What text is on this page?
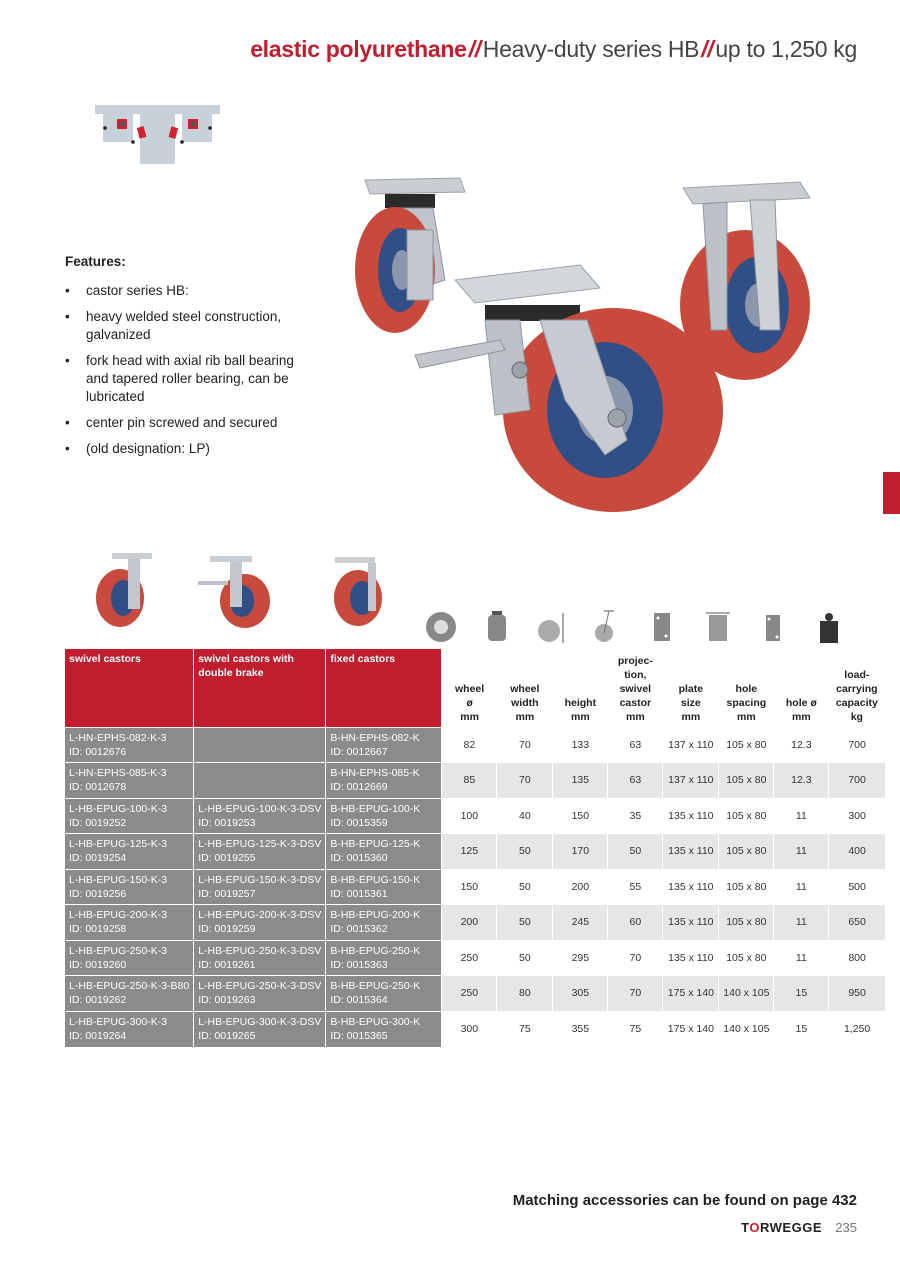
elastic polyurethane//Heavy-duty series HB//up to 1,250 kg
Features:
• castor series HB:
• heavy welded steel construction, galvanized
• fork head with axial rib ball bearing and tapered roller bearing, can be lubricated
• center pin screwed and secured
• (old designation: LP)
swivel castors	swivel castors with double brake	fixed castors	wheel
ø
mm	wheel
width
mm	height
mm	projec-
tion,
swivel
castor
mm	plate
size
mm	hole
spacing
mm	hole ø
mm	load-
carrying
capacity
kg

L-HN-EPHS-082-K-3
ID: 0012676		B-HN-EPHS-082-K
ID: 0012667	82	70	133	63	137 x 110	105 x 80	12.3	700

L-HN-EPHS-085-K-3
ID: 0012678		B-HN-EPHS-085-K
ID: 0012669	85	70	135	63	137 x 110	105 x 80	12.3	700

L-HB-EPUG-100-K-3
ID: 0019252	L-HB-EPUG-100-K-3-DSV
ID: 0019253	B-HB-EPUG-100-K
ID: 0015359	100	40	150	35	135 x 110	105 x 80	11	300

L-HB-EPUG-125-K-3
ID: 0019254	L-HB-EPUG-125-K-3-DSV
ID: 0019255	B-HB-EPUG-125-K
ID: 0015360	125	50	170	50	135 x 110	105 x 80	11	400

L-HB-EPUG-150-K-3
ID: 0019256	L-HB-EPUG-150-K-3-DSV
ID: 0019257	B-HB-EPUG-150-K
ID: 0015361	150	50	200	55	135 x 110	105 x 80	11	500

L-HB-EPUG-200-K-3
ID: 0019258	L-HB-EPUG-200-K-3-DSV
ID: 0019259	B-HB-EPUG-200-K
ID: 0015362	200	50	245	60	135 x 110	105 x 80	11	650

L-HB-EPUG-250-K-3
ID: 0019260	L-HB-EPUG-250-K-3-DSV
ID: 0019261	B-HB-EPUG-250-K
ID: 0015363	250	50	295	70	135 x 110	105 x 80	11	800

L-HB-EPUG-250-K-3-B80
ID: 0019262	L-HB-EPUG-250-K-3-DSV
ID: 0019263	B-HB-EPUG-250-K
ID: 0015364	250	80	305	70	175 x 140	140 x 105	15	950

L-HB-EPUG-300-K-3
ID: 0019264	L-HB-EPUG-300-K-3-DSV
ID: 0019265	B-HB-EPUG-300-K
ID: 0015365	300	75	355	75	175 x 140	140 x 105	15	1,250
Matching accessories can be found on page 432
TORWEGGE 235
